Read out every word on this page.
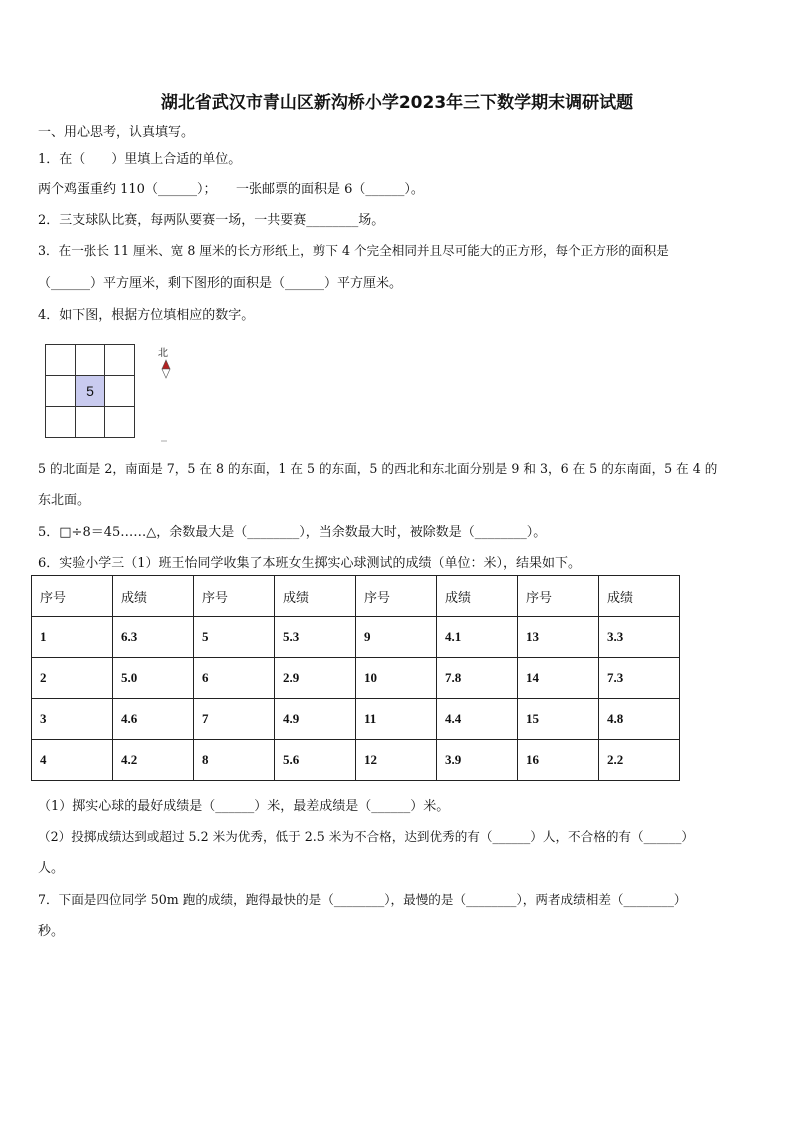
湖北省武汉市青山区新沟桥小学2023年三下数学期末调研试题
一、用心思考，认真填写。
1．在（　　）里填上合适的单位。
两个鸡蛋重约 110（______）；　　一张邮票的面积是 6（______）。
2．三支球队比赛，每两队要赛一场，一共要赛________场。
3．在一张长 11 厘米、宽 8 厘米的长方形纸上，剪下 4 个完全相同并且尽可能大的正方形，每个正方形的面积是
（______）平方厘米，剩下图形的面积是（______）平方厘米。
4．如下图，根据方位填相应的数字。

	5	

北
5 的北面是 2，南面是 7，5 在 8 的东面，1 在 5 的东面，5 的西北和东北面分别是 9 和 3，6 在 5 的东南面，5 在 4 的
东北面。
5．□÷8＝45……△，余数最大是（________），当余数最大时，被除数是（________）。
6．实验小学三（1）班王怡同学收集了本班女生掷实心球测试的成绩（单位：米），结果如下。
序号	成绩	序号	成绩	序号	成绩	序号	成绩
1	6.3	5	5.3	9	4.1	13	3.3
2	5.0	6	2.9	10	7.8	14	7.3
3	4.6	7	4.9	11	4.4	15	4.8
4	4.2	8	5.6	12	3.9	16	2.2
（1）掷实心球的最好成绩是（______）米，最差成绩是（______）米。
（2）投掷成绩达到或超过 5.2 米为优秀，低于 2.5 米为不合格，达到优秀的有（______）人，不合格的有（______）
人。
7．下面是四位同学 50m 跑的成绩，跑得最快的是（________），最慢的是（________），两者成绩相差（________）
秒。
